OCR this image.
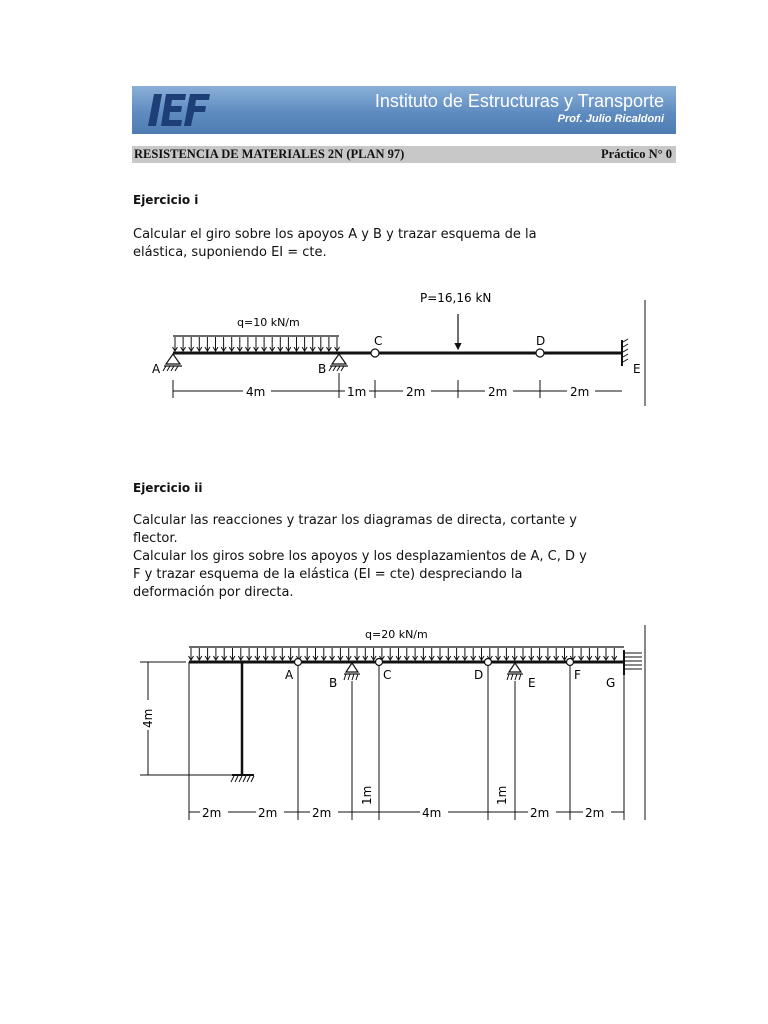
Instituto de Estructuras y Transporte
Prof. Julio Ricaldoni
RESISTENCIA DE MATERIALES 2N (PLAN 97)	Práctico N° 0
Ejercicio i
Calcular el giro sobre los apoyos A y B y trazar esquema de la
elástica, suponiendo EI = cte.
q=10 kN/m
P=16,16 kN
A	B
C	D
E
4m	1m	2m	2m	2m
Ejercicio ii
Calcular las reacciones y trazar los diagramas de directa, cortante y
flector.
Calcular los giros sobre los apoyos y los desplazamientos de A, C, D y
F y trazar esquema de la elástica (EI = cte) despreciando la
deformación por directa.
q=20 kN/m
A
B
C	D
E
F
G
4m
2m	2m	2m
1m
4m
1m
2m	2m
